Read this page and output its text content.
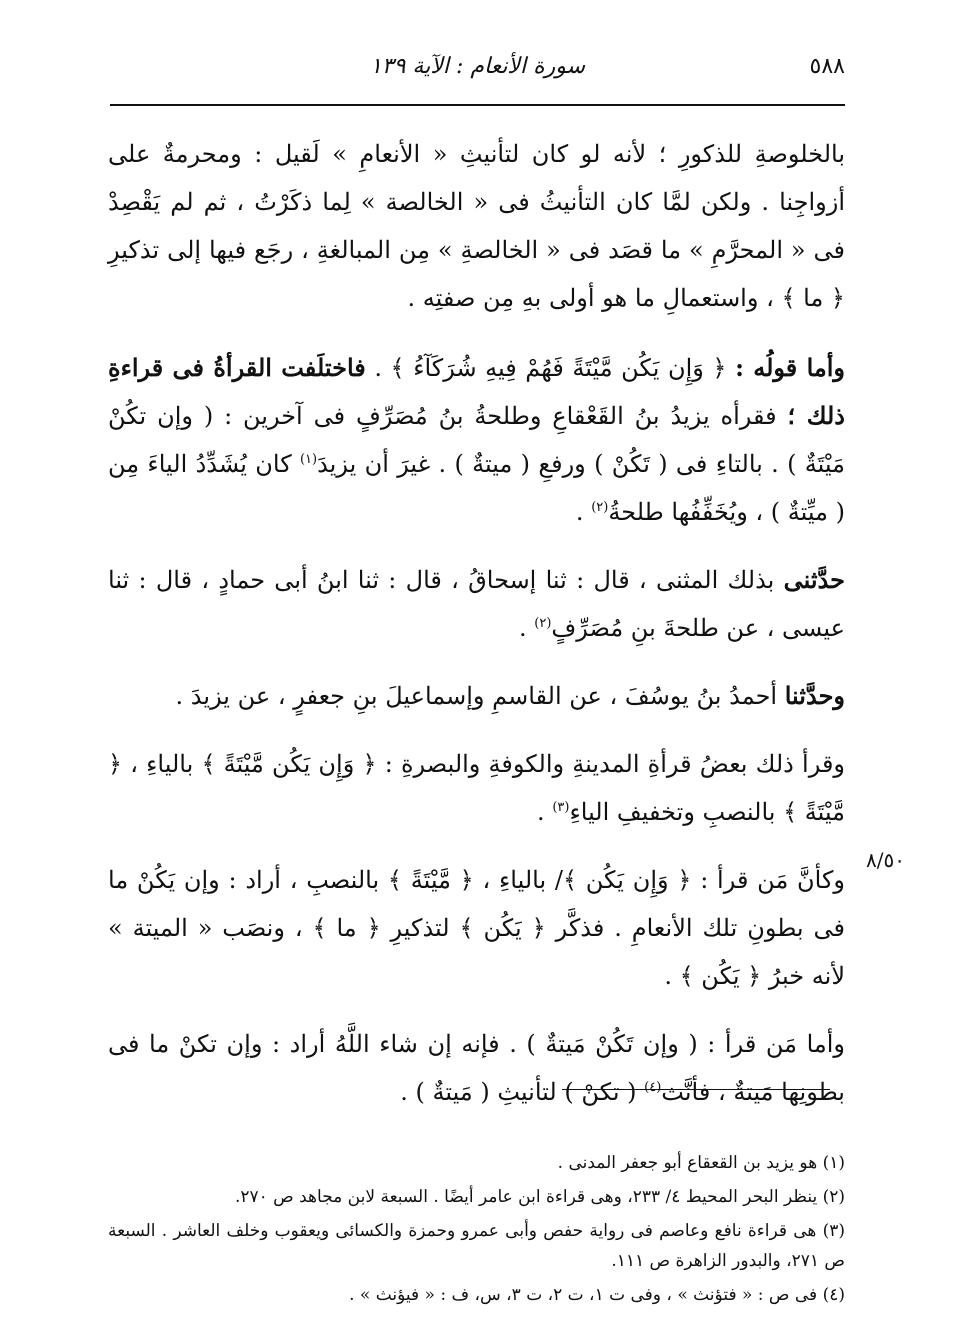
٥٨٨
سورة الأنعام : الآية ١٣٩

بالخلوصةِ للذكورِ ؛ لأنه لو كان لتأنيثِ « الأنعامِ » لَقيل : ومحرمةٌ على أزواجِنا . ولكن لمَّا كان التأنيثُ فى « الخالصة » لِما ذكَرْتُ ، ثم لم يَقْصِدْ فى « المحرَّمِ » ما قصَد فى « الخالصةِ » مِن المبالغةِ ، رجَع فيها إلى تذكيرِ ﴿ ما ﴾ ، واستعمالِ ما هو أولى بهِ مِن صفتِه .

وأما قولُه : ﴿ وَإِن يَكُن مَّيْتَةً فَهُمْ فِيهِ شُرَكَآءُ ﴾ . فاختلَفت القرأةُ فى قراءةِ ذلك ؛ فقرأه يزيدُ بنُ القَعْقاعِ وطلحةُ بنُ مُصَرِّفٍ فى آخرين : ( وإن تكُنْ مَيْتَةٌ ) . بالتاءِ فى ( تَكُنْ ) ورفعِ ( ميتةٌ ) . غيرَ أن يزيدَ$^{(١)}$ كان يُشَدِّدُ الياءَ مِن ( ميِّتةٌ ) ، ويُخَفِّفُها طلحةُ$^{(٢)}$ .

حدَّثنى بذلك المثنى ، قال : ثنا إسحاقُ ، قال : ثنا ابنُ أبى حمادٍ ، قال : ثنا عيسى ، عن طلحةَ بنِ مُصَرِّفٍ$^{(٢)}$ .

وحدَّثنا أحمدُ بنُ يوسُفَ ، عن القاسمِ وإسماعيلَ بنِ جعفرٍ ، عن يزيدَ .

وقرأ ذلك بعضُ قرأةِ المدينةِ والكوفةِ والبصرةِ : ﴿ وَإِن يَكُن مَّيْتَةً ﴾ بالياءِ ، ﴿ مَّيْتَةً ﴾ بالنصبِ وتخفيفِ الياءِ$^{(٣)}$ .

وكأنَّ مَن قرأ : ﴿ وَإِن يَكُن ﴾/ بالياءِ ، ﴿ مَّيْتَةً ﴾ بالنصبِ ، أراد : وإن يَكُنْ ما فى بطونِ تلك الأنعامِ . فذكَّر ﴿ يَكُن ﴾ لتذكيرِ ﴿ ما ﴾ ، ونصَب « الميتة » لأنه خبرُ ﴿ يَكُن ﴾ .

وأما مَن قرأ : ( وإن تَكُنْ مَيتةٌ ) . فإنه إن شاء اللَّهُ أراد : وإن تكنْ ما فى بطونِها مَيتةٌ ، فأنَّث$^{(٤)}$ ( تكنْ ) لتأنيثِ ( مَيتةٌ ) .

٨/٥٠

(١) هو يزيد بن القعقاع أبو جعفر المدنى .

(٢) ينظر البحر المحيط ٤/ ٢٣٣، وهى قراءة ابن عامر أيضًا . السبعة لابن مجاهد ص ٢٧٠.

(٣) هى قراءة نافع وعاصم فى رواية حفص وأبى عمرو وحمزة والكسائى ويعقوب وخلف العاشر . السبعة ص ٢٧١، والبدور الزاهرة ص ١١١.

(٤) فى ص : « فتؤنث » ، وفى ت ١، ت ٢، ت ٣، س، ف : « فيؤنث » .
